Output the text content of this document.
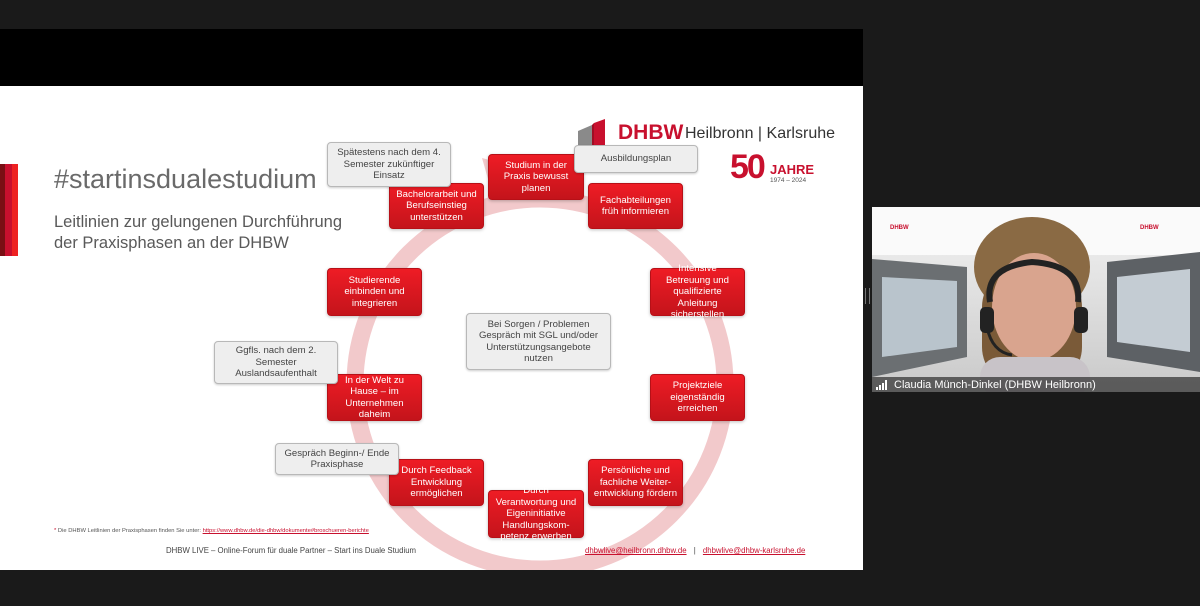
#startinsdualestudium
Leitlinien zur gelungenen Durchführung der Praxisphasen an der DHBW
DHBW Heilbronn | Karlsruhe
50 JAHRE
1974 – 2024
Studium in der Praxis bewusst planen
Fachabteilungen früh informieren
Intensive Betreuung und qualifizierte Anleitung sicherstellen
Projektziele eigenständig erreichen
Persönliche und fachliche Weiter-entwicklung fördern
Durch Verantwortung und Eigeninitiative Handlungskom-petenz erwerben
Durch Feedback Entwicklung ermöglichen
In der Welt zu Hause – im Unternehmen daheim
Studierende einbinden und integrieren
Bachelorarbeit und Berufseinstieg unterstützen
Ausbildungsplan
Spätestens nach dem 4. Semester zukünftiger Einsatz
Ggfls. nach dem 2. Semester Auslandsaufenthalt
Gespräch Beginn-/ Ende Praxisphase
Bei Sorgen / Problemen Gespräch mit SGL und/oder Unterstützungsangebote nutzen
* Die DHBW Leitlinien der Praxisphasen finden Sie unter: https://www.dhbw.de/die-dhbw/dokumente#broschueren-berichte
DHBW LIVE – Online-Forum für duale Partner – Start ins Duale Studium	dhbwlive@heilbronn.dhbw.de | dhbwlive@dhbw-karlsruhe.de
DHBW	DHBW
Claudia Münch-Dinkel (DHBW Heilbronn)
